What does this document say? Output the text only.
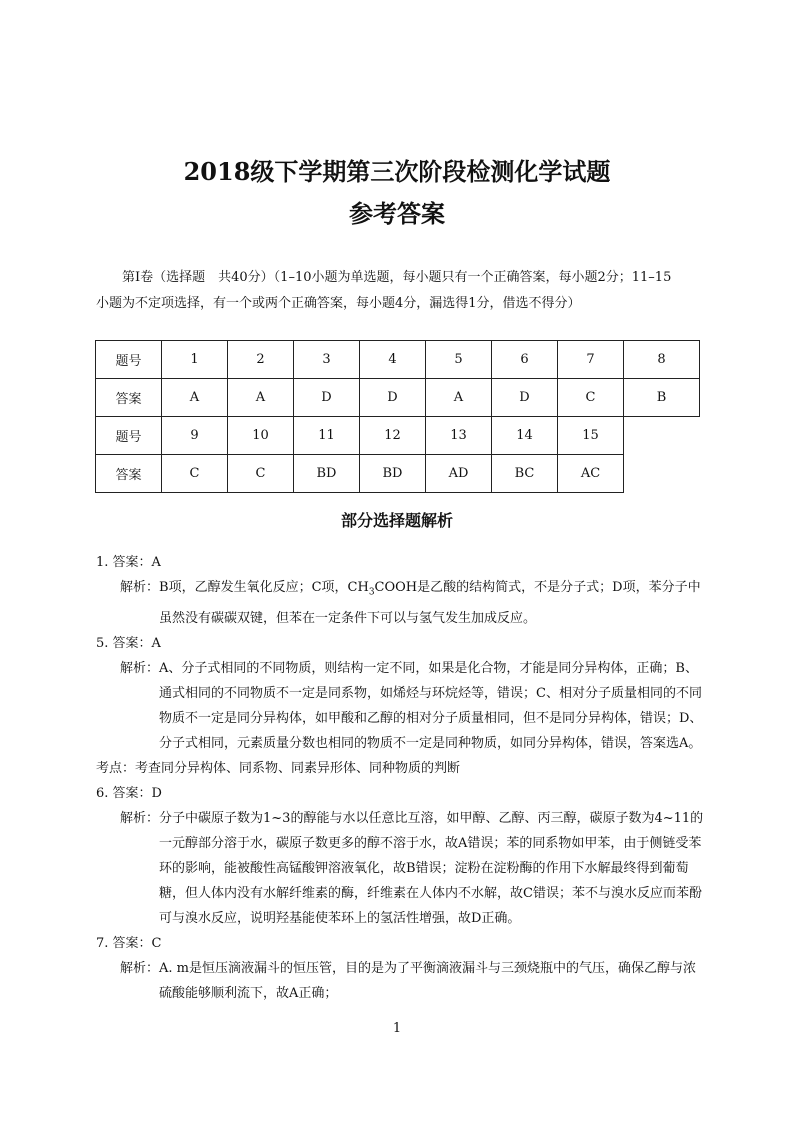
2018级下学期第三次阶段检测化学试题
参考答案

第Ⅰ卷（选择题　共40分）（1–10小题为单选题，每小题只有一个正确答案，每小题2分；11–15

小题为不定项选择，有一个或两个正确答案，每小题4分，漏选得1分，借选不得分）

题号	1	2	3	4	5	6	7	8
答案	A	A	D	D	A	D	C	B
题号	9	10	11	12	13	14	15	
答案	C	C	BD	BD	AD	BC	AC	
部分选择题解析

1. 答案：A

解析： B项，乙醇发生氧化反应；C项，$CH_3COOH$是乙酸的结构简式，不是分子式；D项，苯分子中虽然没有碳碳双键，但苯在一定条件下可以与氢气发生加成反应。

5. 答案：A

解析： A、分子式相同的不同物质，则结构一定不同，如果是化合物，才能是同分异构体，正确；B、通式相同的不同物质不一定是同系物，如烯烃与环烷烃等，错误；C、相对分子质量相同的不同物质不一定是同分异构体，如甲酸和乙醇的相对分子质量相同，但不是同分异构体，错误；D、分子式相同，元素质量分数也相同的物质不一定是同种物质，如同分异构体，错误，答案选A。

考点：考查同分异构体、同系物、同素异形体、同种物质的判断

6. 答案：D

解析： 分子中碳原子数为1~3的醇能与水以任意比互溶，如甲醇、乙醇、丙三醇，碳原子数为4~11的一元醇部分溶于水，碳原子数更多的醇不溶于水，故A错误；苯的同系物如甲苯，由于侧链受苯环的影响，能被酸性高锰酸钾溶液氧化，故B错误；淀粉在淀粉酶的作用下水解最终得到葡萄糖，但人体内没有水解纤维素的酶，纤维素在人体内不水解，故C错误；苯不与溴水反应而苯酚可与溴水反应，说明羟基能使苯环上的氢活性增强，故D正确。

7. 答案：C

解析： A. m是恒压滴液漏斗的恒压管，目的是为了平衡滴液漏斗与三颈烧瓶中的气压，确保乙醇与浓硫酸能够顺利流下，故A正确；
1
